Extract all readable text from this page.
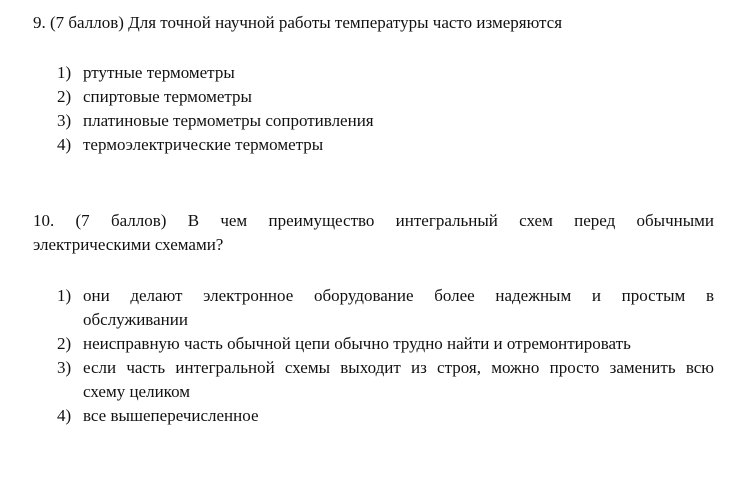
9. (7 баллов) Для точной научной работы температуры часто измеряются

1) ртутные термометры
2) спиртовые термометры
3) платиновые термометры сопротивления
4) термоэлектрические термометры
10. (7 баллов) В чем преимущество интегральный схем перед обычными
электрическими схемами?
1) они делают электронное оборудование более надежным и простым в
обслуживании
2) неисправную часть обычной цепи обычно трудно найти и отремонтировать
3) если часть интегральной схемы выходит из строя, можно просто заменить всю
схему целиком
4) все вышеперечисленное
